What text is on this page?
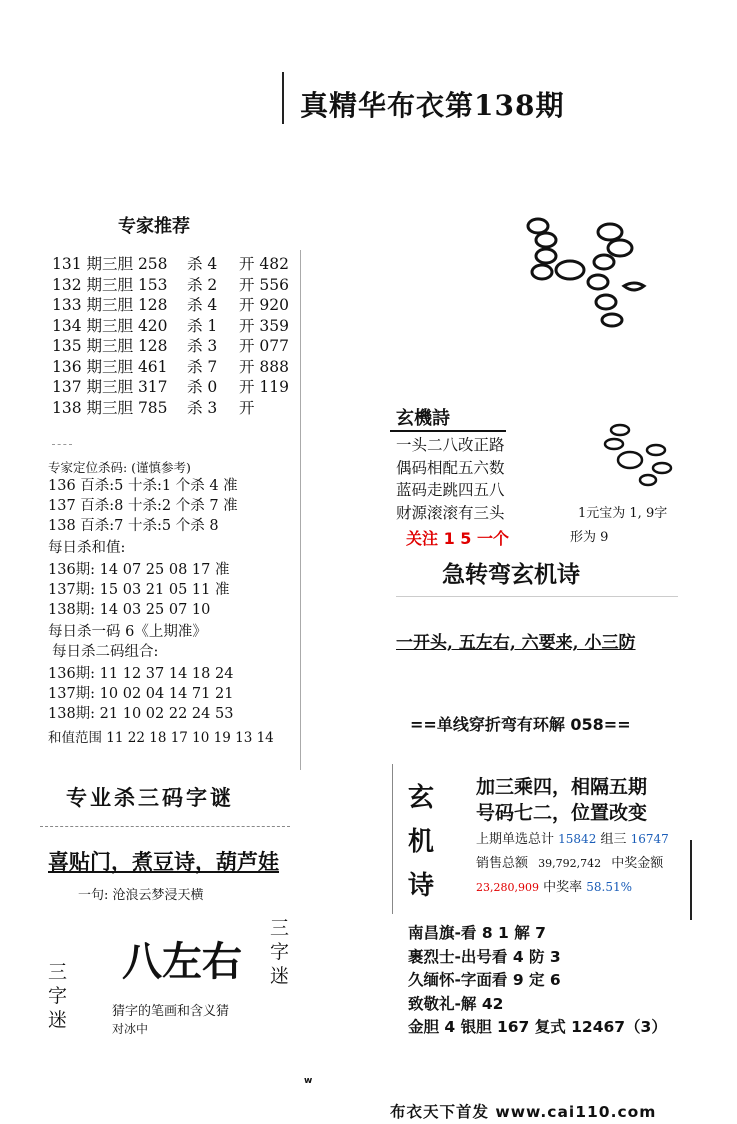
真精华布衣第138期
专家推荐
131 期三胆 258	杀 4	开 482
132 期三胆 153	杀 2	开 556
133 期三胆 128	杀 4	开 920
134 期三胆 420	杀 1	开 359
135 期三胆 128	杀 3	开 077
136 期三胆 461	杀 7	开 888
137 期三胆 317	杀 0	开 119
138 期三胆 785	杀 3	开
专家定位杀码: (谨慎参考)
136 百杀:5 十杀:1 个杀 4 准
137 百杀:8 十杀:2 个杀 7 准
138 百杀:7 十杀:5 个杀 8
每日杀和值:
136期: 14 07 25 08 17 准
137期: 15 03 21 05 11 准
138期: 14 03 25 07 10
每日杀一码 6《上期准》
每日杀二码组合:
136期: 11 12 37 14 18 24
137期: 10 02 04 14 71 21
138期: 21 10 02 22 24 53
和值范围 11 22 18 17 10 19 13 14
专业杀三码字谜
喜贴门，煮豆诗，葫芦娃
一句: 沧浪云梦浸天横
八左右
三字迷
三字迷
猜字的笔画和含义猜
对冰中
玄機詩
一头二八改正路
偶码相配五六数
蓝码走跳四五八
财源滚滚有三头
关注 1 5 一个
1元宝为 1, 9字
形为 9
急转弯玄机诗
一开头, 五左右, 六要来, 小三防
==单线穿折弯有环解 058==
玄机诗
加三乘四，相隔五期
号码七二，位置改变
上期单选总计 15842 组三 16747
销售总额 39,792,742 中奖金额
23,280,909 中奖率 58.51%
南昌旗-看 8 1 解 7
裹烈士-出号看 4 防 3
久缅怀-字面看 9 定 6
致敬礼-解 42
金胆 4 银胆 167 复式 12467（3）
w
布衣天下首发 www.cai110.com
